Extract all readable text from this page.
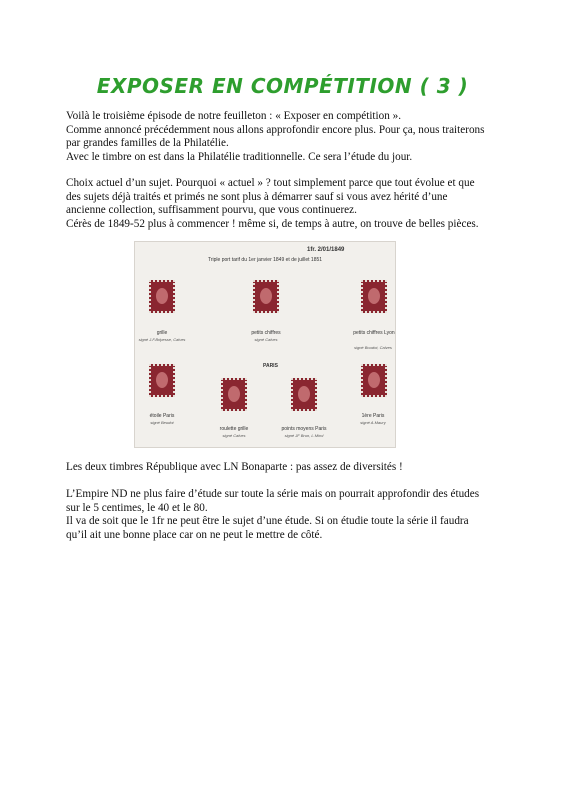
EXPOSER EN COMPÉTITION ( 3 )

Voilà le troisième épisode de notre feuilleton : « Exposer en compétition ».
Comme annoncé précédemment nous allons approfondir encore plus. Pour ça, nous traiterons
par grandes familles de la Philatélie.
Avec le timbre on est dans la Philatélie traditionnelle. Ce sera l’étude du jour.

Choix actuel d’un sujet. Pourquoi « actuel » ? tout simplement parce que tout évolue et que
des sujets déjà traités et primés ne sont plus à démarrer sauf si vous avez hérité d’une
ancienne collection, suffisamment pourvu, que vous continuerez.
Cérès de 1849-52 plus à commencer ! même si, de temps à autre, on trouve de belles pièces.

1fr. 2/01/1849
Triple port tarif du 1er janvier 1849 et de juillet 1851
grille
signé J.F.Brlpesse, Calves
petits chiffres
signé Calves
petits chiffres Lyon
signé Boudot, Calves
PARIS
étoile Paris
signé Beudot
roulette grille
signé Calves
points moyens Paris
signé JF Brun, L.Mirol
1ère Paris
signé A.Maury

Les deux timbres République avec LN Bonaparte : pas assez de diversités !

L’Empire ND ne plus faire d’étude sur toute la série mais on pourrait approfondir des études
sur le 5 centimes, le 40 et le 80.
Il va de soit que le 1fr ne peut être le sujet d’une étude. Si on étudie toute la série il faudra
qu’il ait une bonne place car on ne peut le mettre de côté.
